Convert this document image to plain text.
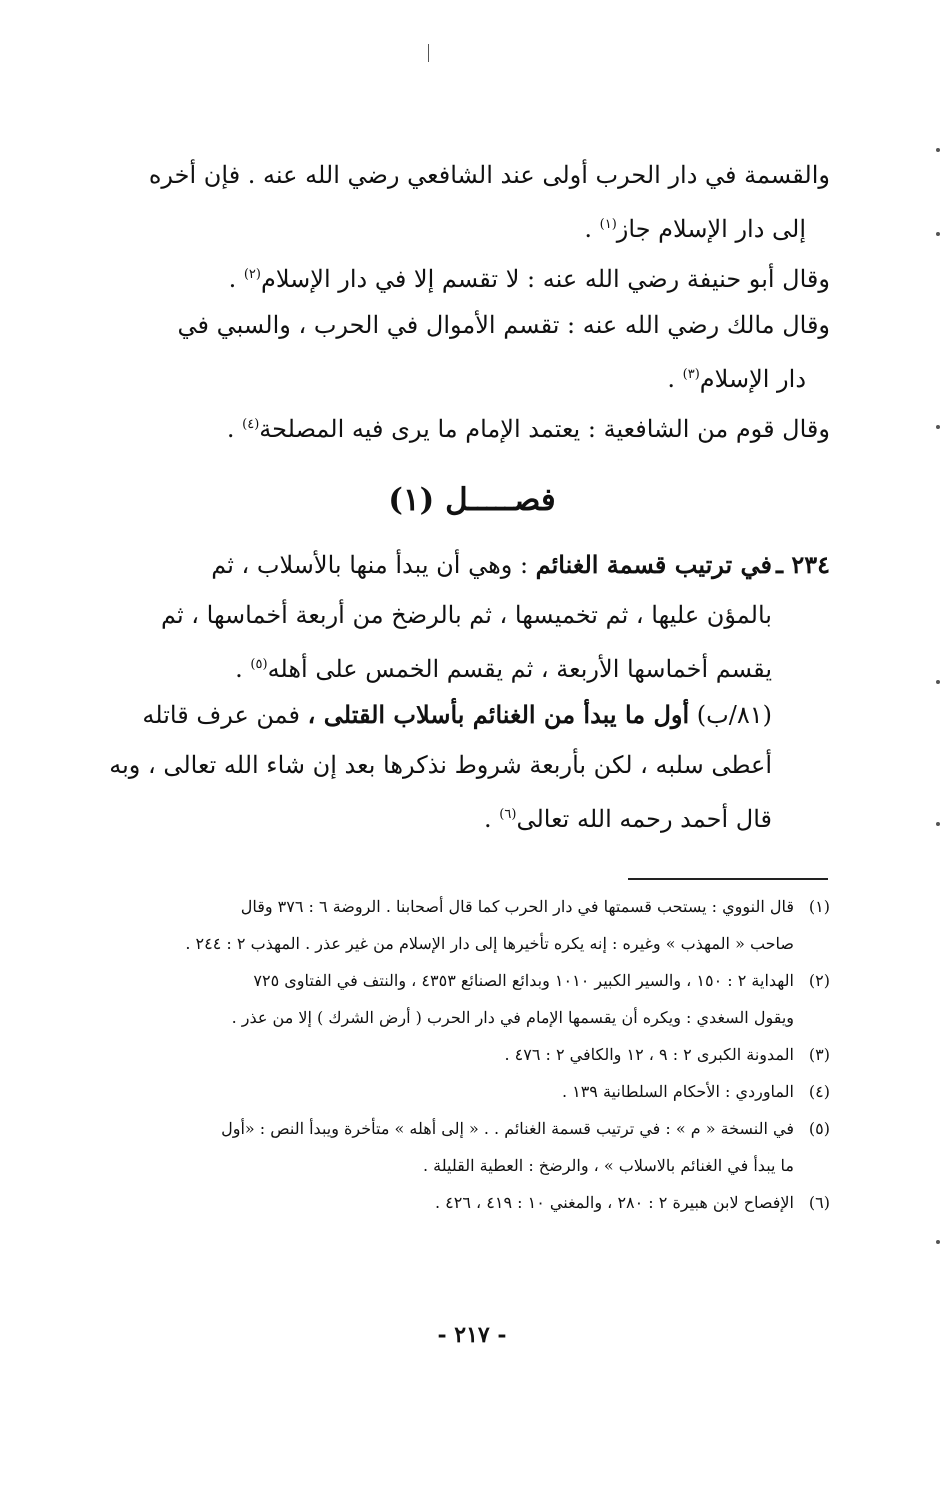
والقسمة في دار الحرب أولى عند الشافعي رضي الله عنه . فإن أخره
إلى دار الإسلام جاز$^{(١)}$ .
وقال أبو حنيفة رضي الله عنه : لا تقسم إلا في دار الإسلام$^{(٢)}$ .
وقال مالك رضي الله عنه : تقسم الأموال في الحرب ، والسبي في
دار الإسلام$^{(٣)}$ .
وقال قوم من الشافعية : يعتمد الإمام ما يرى فيه المصلحة$^{(٤)}$ .
فصـــــل (١)
٢٣٤ ـفي ترتيب قسمة الغنائم : وهي أن يبدأ منها بالأسلاب ، ثم
بالمؤن عليها ، ثم تخميسها ، ثم بالرضخ من أربعة أخماسها ، ثم
يقسم أخماسها الأربعة ، ثم يقسم الخمس على أهله$^{(٥)}$ .
(٨١/ب) أول ما يبدأ من الغنائم بأسلاب القتلى ، فمن عرف قاتله
أعطى سلبه ، لكن بأربعة شروط نذكرها بعد إن شاء الله تعالى ، وبه
قال أحمد رحمه الله تعالى$^{(٦)}$ .
(١)
قال النووي : يستحب قسمتها في دار الحرب كما قال أصحابنا . الروضة ٦ : ٣٧٦ وقال
صاحب « المهذب » وغيره : إنه يكره تأخيرها إلى دار الإسلام من غير عذر . المهذب ٢ : ٢٤٤ .
(٢)
الهداية ٢ : ١٥٠ ، والسير الكبير ١٠١٠ وبدائع الصنائع ٤٣٥٣ ، والنتف في الفتاوى ٧٢٥
ويقول السغدي : ويكره أن يقسمها الإمام في دار الحرب ( أرض الشرك ) إلا من عذر .
(٣)
المدونة الكبرى ٢ : ٩ ، ١٢ والكافي ٢ : ٤٧٦ .
(٤)
الماوردي : الأحكام السلطانية ١٣٩ .
(٥)
في النسخة « م » : في ترتيب قسمة الغنائم . . « إلى أهله » متأخرة ويبدأ النص : «أول
ما يبدأ في الغنائم بالاسلاب » ، والرضخ : العطية القليلة .
(٦)
الإفصاح لابن هبيرة ٢ : ٢٨٠ ، والمغني ١٠ : ٤١٩ ، ٤٢٦ .
- ٢١٧ -
